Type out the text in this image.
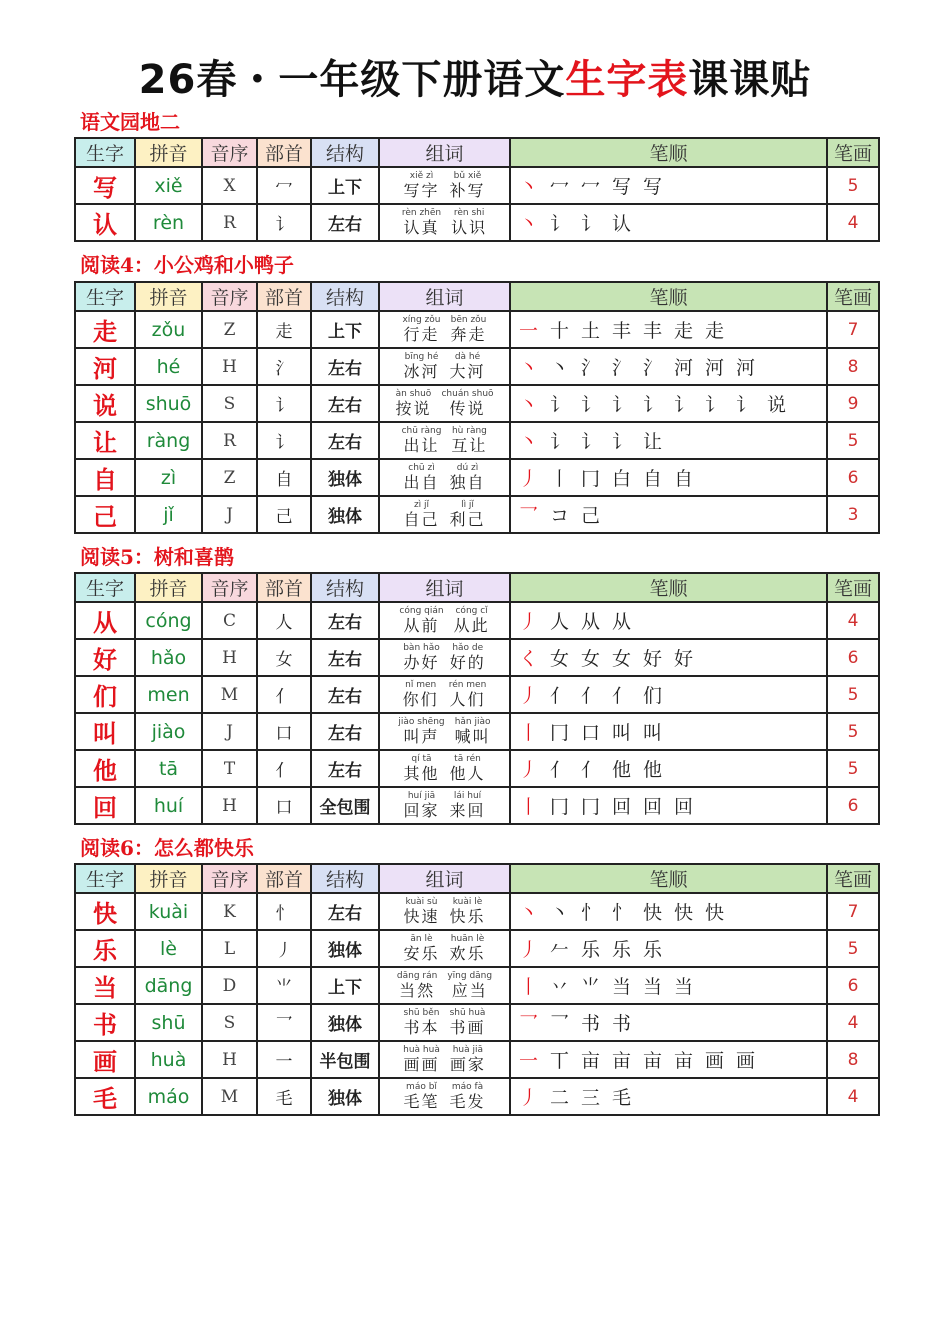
26春・一年级下册语文生字表课课贴
语文园地二
生字	拼音	音序	部首	结构	组词	笔顺	笔画
写	xiě	X	冖	上下	xiě zì
写字
bǔ xiě
补写	丶 冖 冖 写 写	5
认	rèn	R	讠	左右	rèn zhēn
认真
rèn shi
认识	丶 讠 讠 认	4
阅读4：小公鸡和小鸭子
生字	拼音	音序	部首	结构	组词	笔顺	笔画
走	zǒu	Z	走	上下	xíng zǒu
行走
bēn zǒu
奔走	一 十 土 丰 丰 走 走	7
河	hé	H	氵	左右	bīng hé
冰河
dà hé
大河	丶 丶 氵 氵 氵 河 河 河	8
说	shuō	S	讠	左右	àn shuō
按说
chuán shuō
传说	丶 讠 讠 讠 讠 讠 讠 讠 说	9
让	ràng	R	讠	左右	chū ràng
出让
hù ràng
互让	丶 讠 讠 讠 让	5
自	zì	Z	自	独体	chū zì
出自
dú zì
独自	丿 丨 冂 白 自 自	6
己	jǐ	J	己	独体	zì jǐ
自己
lì jǐ
利己	乛 コ 己	3
阅读5：树和喜鹊
生字	拼音	音序	部首	结构	组词	笔顺	笔画
从	cóng	C	人	左右	cóng qián
从前
cóng cǐ
从此	丿 人 从 从	4
好	hǎo	H	女	左右	bàn hǎo
办好
hǎo de
好的	く 女 女 女 好 好	6
们	men	M	亻	左右	nǐ men
你们
rén men
人们	丿 亻 亻 亻 们	5
叫	jiào	J	口	左右	jiào shēng
叫声
hǎn jiào
喊叫	丨 冂 口 叫 叫	5
他	tā	T	亻	左右	qí tā
其他
tā rén
他人	丿 亻 亻 他 他	5
回	huí	H	口	全包围	huí jiā
回家
lái huí
来回	丨 冂 冂 回 回 回	6
阅读6：怎么都快乐
生字	拼音	音序	部首	结构	组词	笔顺	笔画
快	kuài	K	忄	左右	kuài sù
快速
kuài lè
快乐	丶 丶 忄 忄 快 快 快	7
乐	lè	L	丿	独体	ān lè
安乐
huān lè
欢乐	丿 𠂉 乐 乐 乐	5
当	dāng	D	⺌	上下	dāng rán
当然
yīng dāng
应当	丨 丷 ⺌ 当 当 当	6
书	shū	S	乛	独体	shū běn
书本
shū huà
书画	乛 乛 书 书	4
画	huà	H	一	半包围	huà huà
画画
huà jiā
画家	一 丅 亩 亩 亩 亩 画 画	8
毛	máo	M	毛	独体	máo bǐ
毛笔
máo fà
毛发	丿 二 三 毛	4
